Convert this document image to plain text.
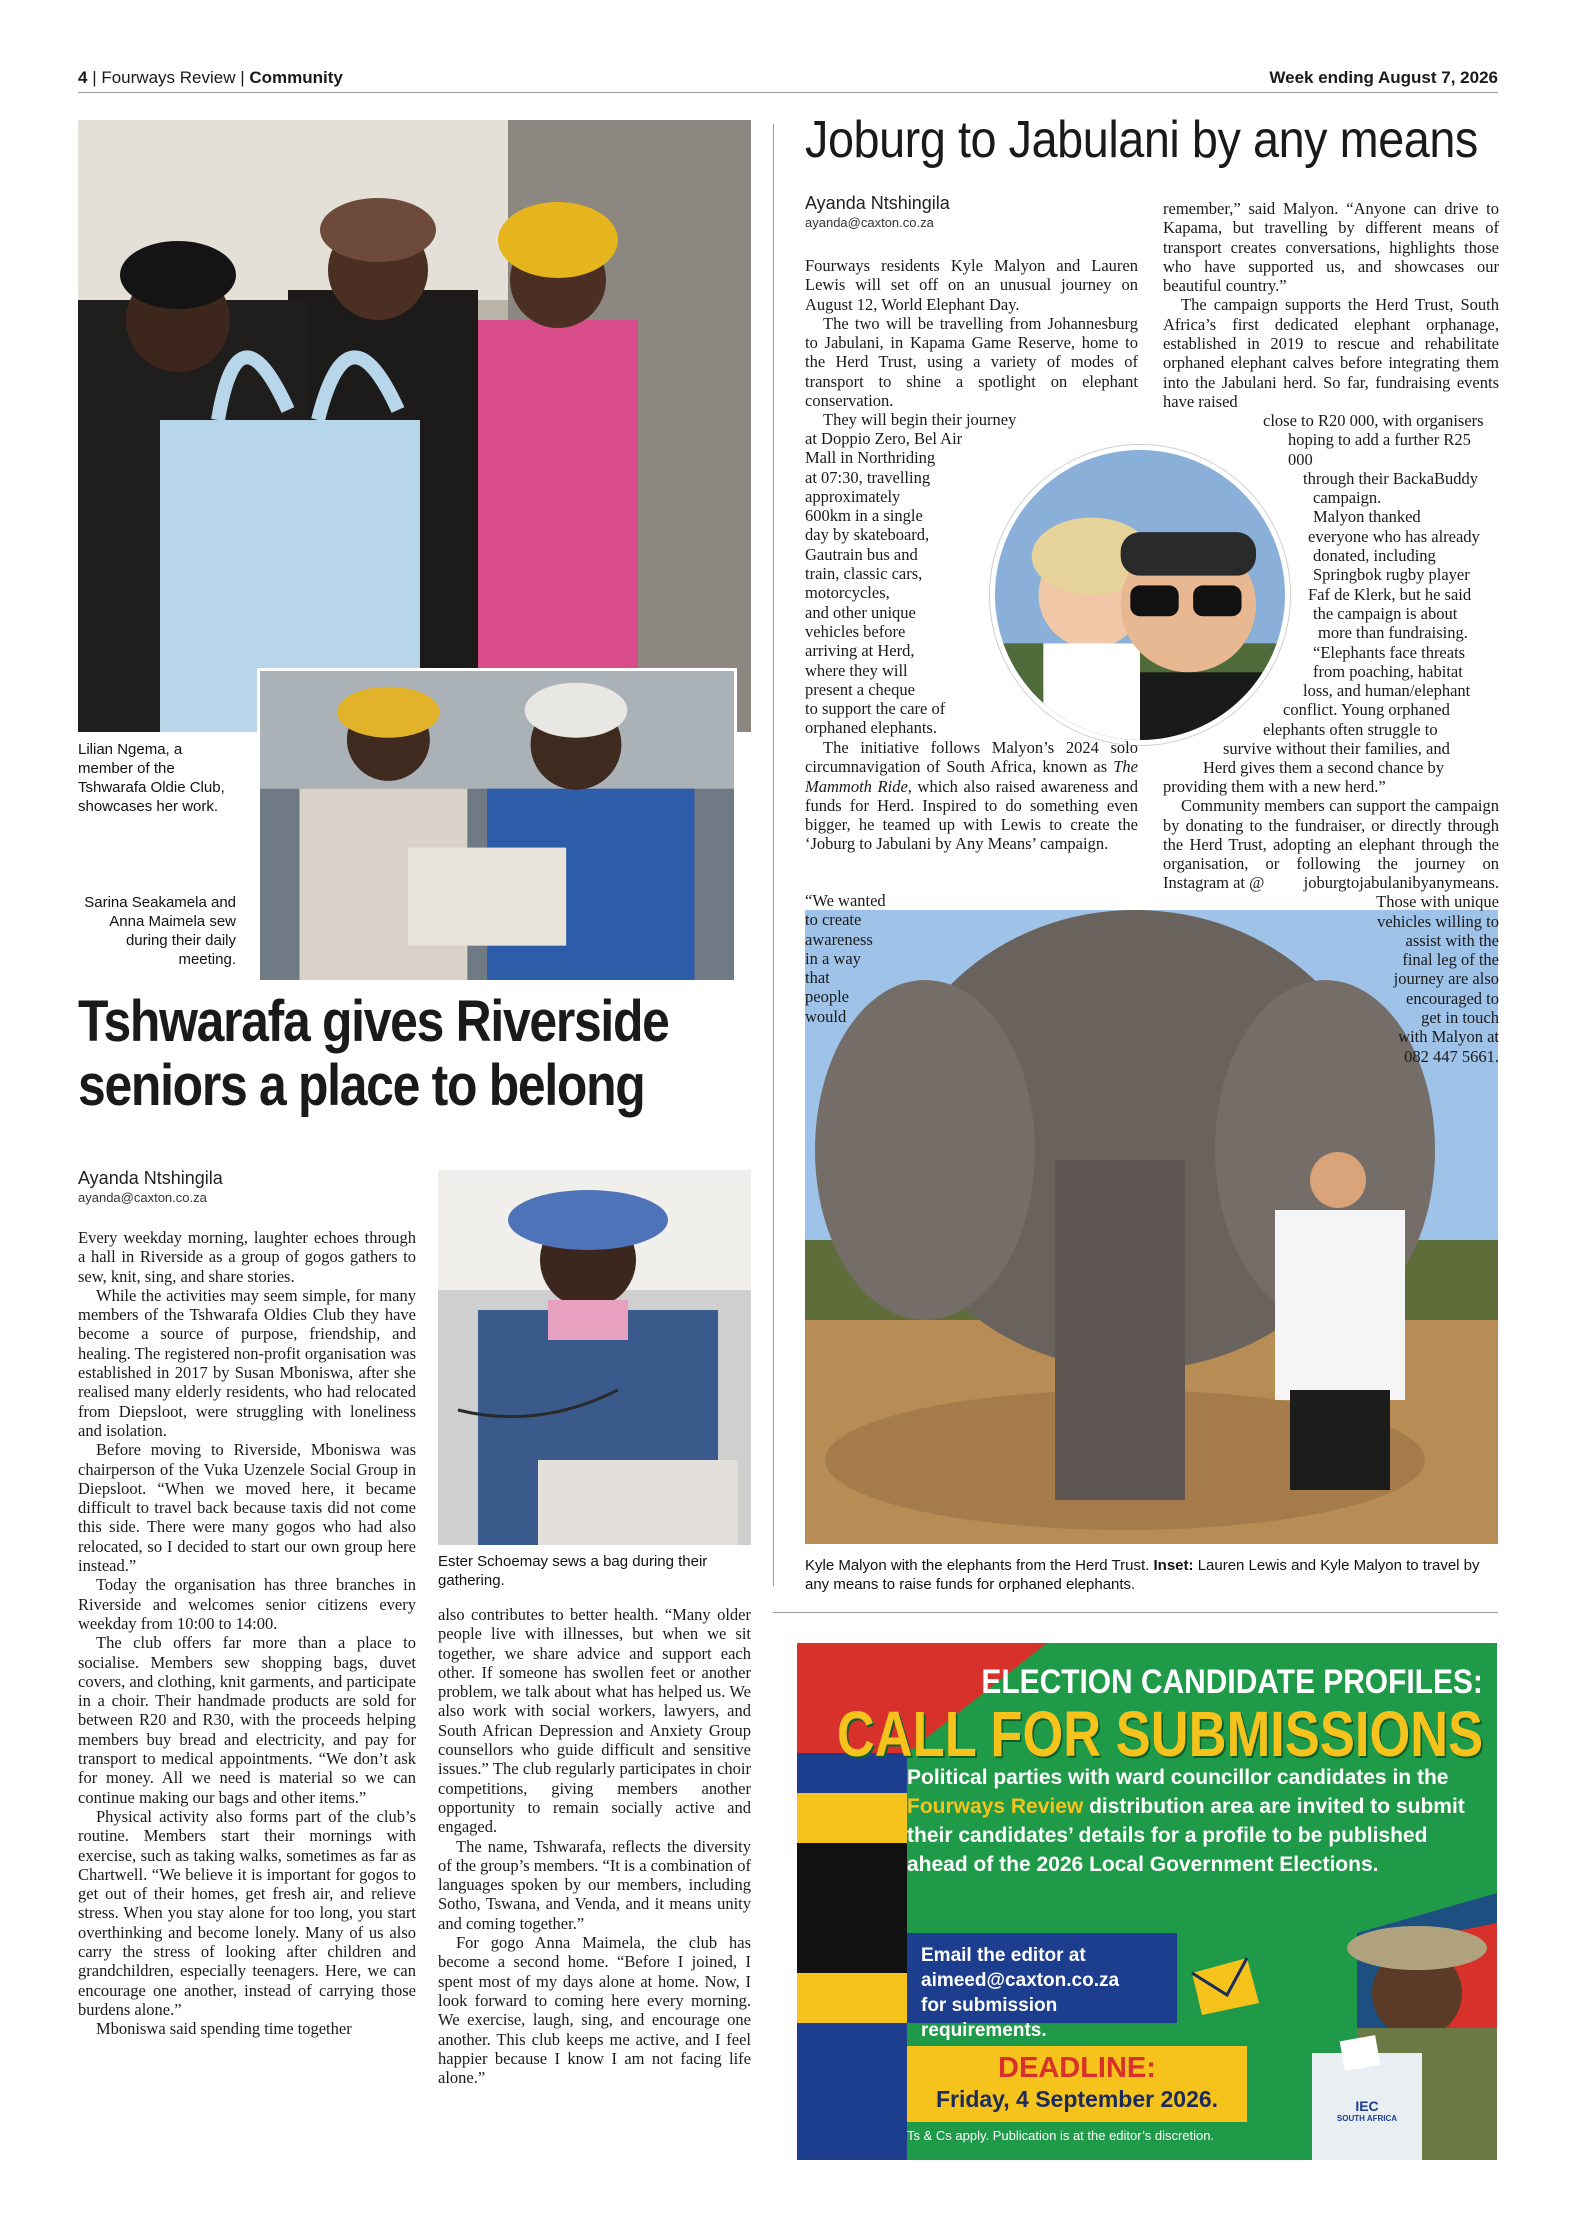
4 | Fourways Review | Community	Week ending August 7, 2026
Lilian Ngema, a member of the Tshwarafa Oldie Club, showcases her work.
Sarina Seakamela and Anna Maimela sew during their daily meeting.
Tshwarafa gives Riverside
seniors a place to belong
Ayanda Ntshingila
ayanda@caxton.co.za

Every weekday morning, laughter echoes through a hall in Riverside as a group of gogos gathers to sew, knit, sing, and share stories.

While the activities may seem simple, for many members of the Tshwarafa Oldies Club they have become a source of purpose, friendship, and healing. The registered non-profit organisation was established in 2017 by Susan Mboniswa, after she realised many elderly residents, who had relocated from Diepsloot, were struggling with loneliness and isolation.

Before moving to Riverside, Mboniswa was chairperson of the Vuka Uzenzele Social Group in Diepsloot. “When we moved here, it became difficult to travel back because taxis did not come this side. There were many gogos who had also relocated, so I decided to start our own group here instead.”

Today the organisation has three branches in Riverside and welcomes senior citizens every weekday from 10:00 to 14:00.

The club offers far more than a place to socialise. Members sew shopping bags, duvet covers, and clothing, knit garments, and participate in a choir. Their handmade products are sold for between R20 and R30, with the proceeds helping members buy bread and electricity, and pay for transport to medical appointments. “We don’t ask for money. All we need is material so we can continue making our bags and other items.”

Physical activity also forms part of the club’s routine. Members start their mornings with exercise, such as taking walks, sometimes as far as Chartwell. “We believe it is important for gogos to get out of their homes, get fresh air, and relieve stress. When you stay alone for too long, you start overthinking and become lonely. Many of us also carry the stress of looking after children and grandchildren, especially teenagers. Here, we can encourage one another, instead of carrying those burdens alone.”

Mboniswa said spending time together

Ester Schoemay sews a bag during their gathering.

also contributes to better health. “Many older people live with illnesses, but when we sit together, we share advice and support each other. If someone has swollen feet or another problem, we talk about what has helped us. We also work with social workers, lawyers, and South African Depression and Anxiety Group counsellors who guide difficult and sensitive issues.” The club regularly participates in choir competitions, giving members another opportunity to remain socially active and engaged.

The name, Tshwarafa, reflects the diversity of the group’s members. “It is a combination of languages spoken by our members, including Sotho, Tswana, and Venda, and it means unity and coming together.”

For gogo Anna Maimela, the club has become a second home. “Before I joined, I spent most of my days alone at home. Now, I look forward to coming here every morning. We exercise, laugh, sing, and encourage one another. This club keeps me active, and I feel happier because I know I am not facing life alone.”

Joburg to Jabulani by any means
Ayanda Ntshingila
ayanda@caxton.co.za

Fourways residents Kyle Malyon and Lauren Lewis will set off on an unusual journey on August 12, World Elephant Day.

The two will be travelling from Johannesburg to Jabulani, in Kapama Game Reserve, home to the Herd Trust, using a variety of modes of transport to shine a spotlight on elephant conservation.

They will begin their journey

at Doppio Zero, Bel Air
Mall in Northriding
at 07:30, travelling
approximately
600km in a single
day by skateboard,
Gautrain bus and
train, classic cars,
motorcycles,
and other unique
vehicles before
arriving at Herd,
where they will
present a cheque
to support the care of
orphaned elephants.

The initiative follows Malyon’s 2024 solo circumnavigation of South Africa, known as The Mammoth Ride, which also raised awareness and funds for Herd. Inspired to do something even bigger, he teamed up with Lewis to create the ‘Joburg to Jabulani by Any Means’ campaign.

“We wanted
to create
awareness
in a way
that
people
would

remember,” said Malyon. “Anyone can drive to Kapama, but travelling by different means of transport creates conversations, highlights those who have supported us, and showcases our beautiful country.”

The campaign supports the Herd Trust, South Africa’s first dedicated elephant orphanage, established in 2019 to rescue and rehabilitate orphaned elephant calves before integrating them into the Jabulani herd. So far, fundraising events have raised

close to R20 000, with organisers
hoping to add a further R25 000
through their BackaBuddy
campaign.
Malyon thanked
everyone who has already
donated, including
Springbok rugby player
Faf de Klerk, but he said
the campaign is about
more than fundraising.
“Elephants face threats
from poaching, habitat
loss, and human/elephant
conflict. Young orphaned
elephants often struggle to
survive without their families, and
Herd gives them a second chance by

providing them with a new herd.”

Community members can support the campaign by donating to the fundraiser, or directly through the Herd Trust, adopting an elephant through the organisation, or following the journey on Instagram at @	joburgtojabulanibyanymeans.
Those with unique
vehicles willing to
assist with the
final leg of the
journey are also
encouraged to
get in touch
with Malyon at
082 447 5661.
Kyle Malyon with the elephants from the Herd Trust. Inset: Lauren Lewis and Kyle Malyon to travel by any means to raise funds for orphaned elephants.
ELECTION CANDIDATE PROFILES:
CALL FOR SUBMISSIONS
Political parties with ward councillor candidates in the Fourways Review distribution area are invited to submit their candidates’ details for a profile to be published ahead of the 2026 Local Government Elections.
Email the editor at
aimeed@caxton.co.za
for submission requirements.
DEADLINE:
Friday, 4 September 2026.
Ts & Cs apply. Publication is at the editor’s discretion.
IEC
SOUTH AFRICA
